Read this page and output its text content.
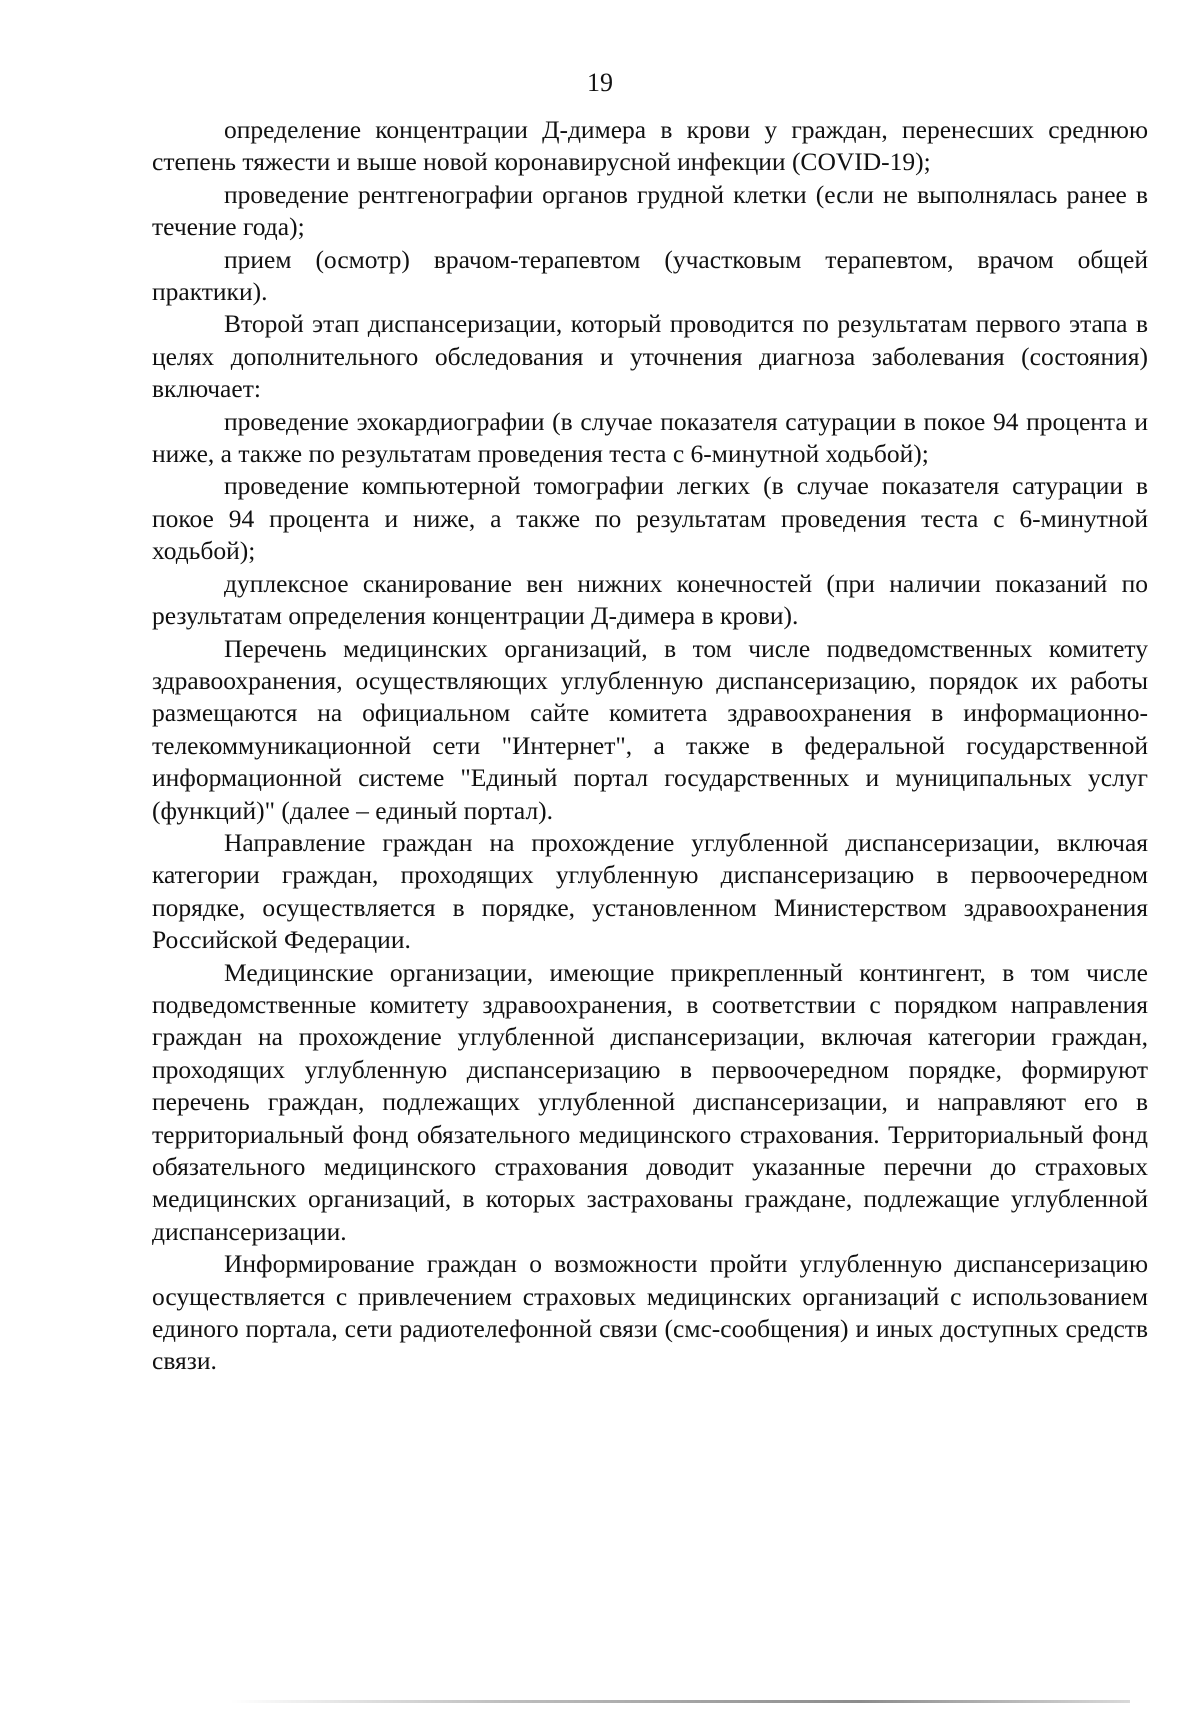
19

определение концентрации Д-димера в крови у граждан, перенесших среднюю степень тяжести и выше новой коронавирусной инфекции (COVID-19);

проведение рентгенографии органов грудной клетки (если не выполнялась ранее в течение года);

прием (осмотр) врачом-терапевтом (участковым терапевтом, врачом общей практики).

Второй этап диспансеризации, который проводится по результатам первого этапа в целях дополнительного обследования и уточнения диагноза заболевания (состояния) включает:

проведение эхокардиографии (в случае показателя сатурации в покое 94 процента и ниже, а также по результатам проведения теста с 6-минутной ходьбой);

проведение компьютерной томографии легких (в случае показателя сатурации в покое 94 процента и ниже, а также по результатам проведения теста с 6-минутной ходьбой);

дуплексное сканирование вен нижних конечностей (при наличии показаний по результатам определения концентрации Д-димера в крови).

Перечень медицинских организаций, в том числе подведомственных комитету здравоохранения, осуществляющих углубленную диспансеризацию, порядок их работы размещаются на официальном сайте комитета здравоохранения в информационно-телекоммуникационной сети "Интернет", а также в федеральной государственной информационной системе "Единый портал государственных и муниципальных услуг (функций)" (далее – единый портал).

Направление граждан на прохождение углубленной диспансеризации, включая категории граждан, проходящих углубленную диспансеризацию в первоочередном порядке, осуществляется в порядке, установленном Министерством здравоохранения Российской Федерации.

Медицинские организации, имеющие прикрепленный контингент, в том числе подведомственные комитету здравоохранения, в соответствии с порядком направления граждан на прохождение углубленной диспансеризации, включая категории граждан, проходящих углубленную диспансеризацию в первоочередном порядке, формируют перечень граждан, подлежащих углубленной диспансеризации, и направляют его в территориальный фонд обязательного медицинского страхования. Территориальный фонд обязательного медицинского страхования доводит указанные перечни до страховых медицинских организаций, в которых застрахованы граждане, подлежащие углубленной диспансеризации.

Информирование граждан о возможности пройти углубленную диспансеризацию осуществляется с привлечением страховых медицинских организаций с использованием единого портала, сети радиотелефонной связи (смс-сообщения) и иных доступных средств связи.
